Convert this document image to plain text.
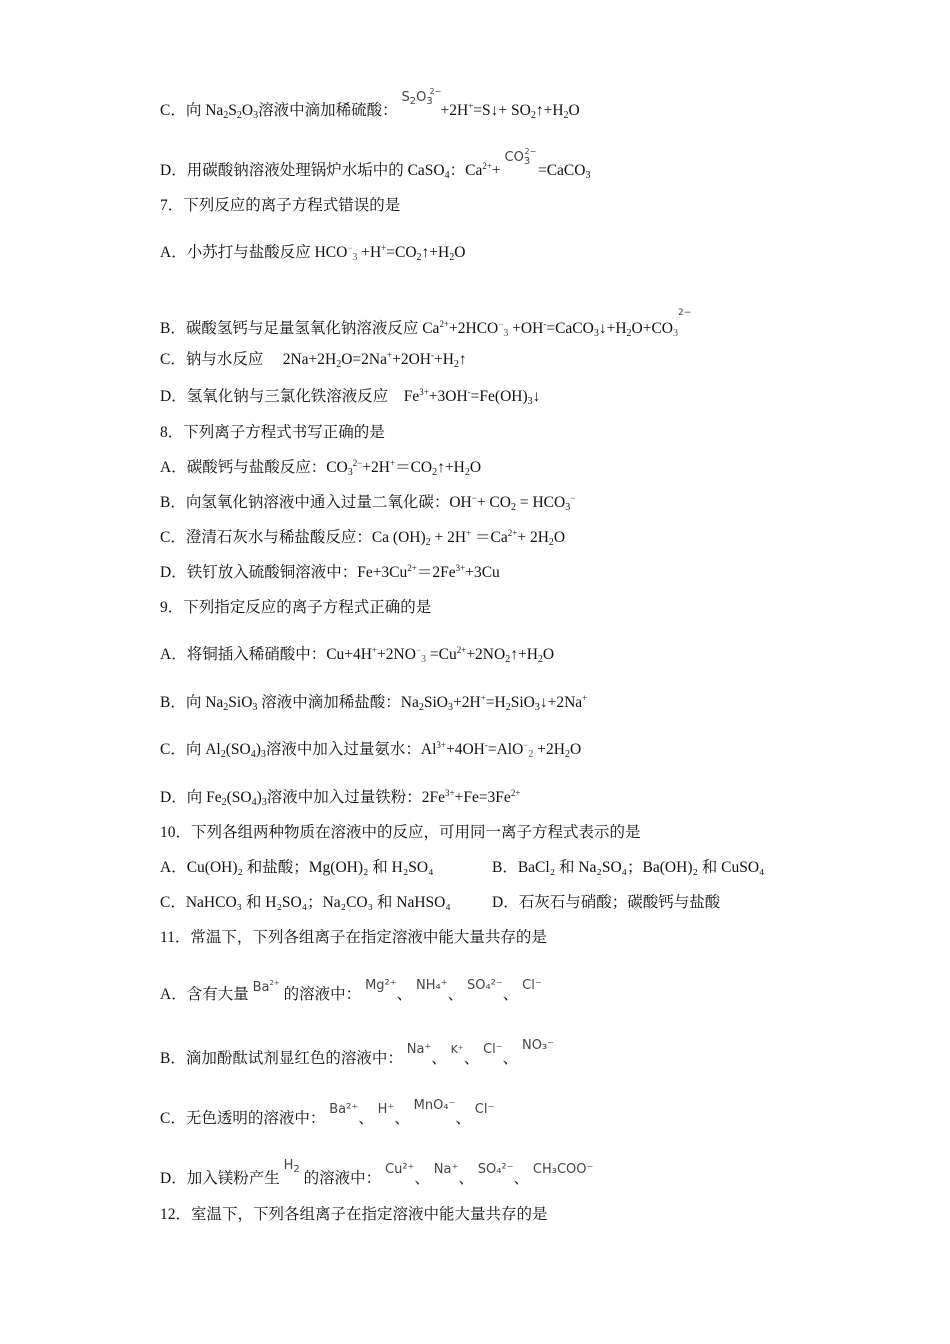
C．向 $Na_2S_2O_3$溶液中滴加稀硫酸： $S_2O_3$
2−
+2H+=S↓+ $SO_2↑+H_2O$
D．用碳酸钠溶液处理锅炉水垢中的 CaSO$_4$：$Ca^{2+}+ CO_3$
2−
=CaCO$_3$
7．下列反应的离子方程式错误的是
A．小苏打与盐酸反应 $HCO^-_3$ $+H^+=CO_2↑+H_2O$
B．碳酸氢钙与足量氢氧化钠溶液反应 $Ca^{2+}+2HCO^-_3$ $+OH^-=CaCO_3↓+H_2O+CO_32-$
C．钠与水反应　 $2Na+2H_2O=2Na^++2OH^-+H_2↑$
D．氢氧化钠与三氯化铁溶液反应　$Fe^{3+}+3OH^-=Fe(OH)_3↓$
8．下列离子方程式书写正确的是
A．碳酸钙与盐酸反应：$CO_3^{2-}+2H^+=CO_2↑+H_2O$
B．向氢氧化钠溶液中通入过量二氧化碳：$OH^-+ CO_2 = HCO_3^-$
C．澄清石灰水与稀盐酸反应：Ca $(OH)_2 + 2H^+ =Ca^{2+}+ 2H_2O$
D．铁钉放入硫酸铜溶液中：$Fe+3Cu^{2+}=2Fe^{3+}+3Cu$
9．下列指定反应的离子方程式正确的是
A．将铜插入稀硝酸中：$Cu+4H^++2NO^-_3$ $=Cu^{2+}+2NO_2↑+H_2O$
B．向 $Na_2SiO_3$ 溶液中滴加稀盐酸：$Na_2SiO_3+2H^+=H_2SiO_3↓+2Na^+$
C．向 $Al_2(SO_4)_3$溶液中加入过量氨水：$Al^{3+}+4OH^-=AlO^-_2 +2H_2O$
D．向 $Fe_2(SO_4)_3$溶液中加入过量铁粉：$2Fe^{3+}+Fe=3Fe^{2+}$
10．下列各组两种物质在溶液中的反应，可用同一离子方程式表示的是
A．Cu(OH)₂ 和盐酸；Mg(OH)₂ 和 H₂SO₄	B．BaCl₂ 和 Na₂SO₄；Ba(OH)₂ 和 CuSO₄
C．NaHCO₃ 和 H₂SO₄；Na₂CO₃ 和 NaHSO₄	D．石灰石与硝酸；碳酸钙与盐酸
11．常温下，下列各组离子在指定溶液中能大量共存的是
A．含有大量 $Ba^{2+}$ 的溶液中： Mg²⁺、 NH₄⁺、 SO₄²⁻、 Cl⁻
B．滴加酚酞试剂显红色的溶液中： Na⁺、 K⁺、 Cl⁻、 NO₃⁻
C．无色透明的溶液中： Ba²⁺、 H⁺、 MnO₄⁻、 Cl⁻
D．加入镁粉产生 $H_2$ 的溶液中： Cu²⁺、 Na⁺、 SO₄²⁻、 CH₃COO⁻
12．室温下，下列各组离子在指定溶液中能大量共存的是
